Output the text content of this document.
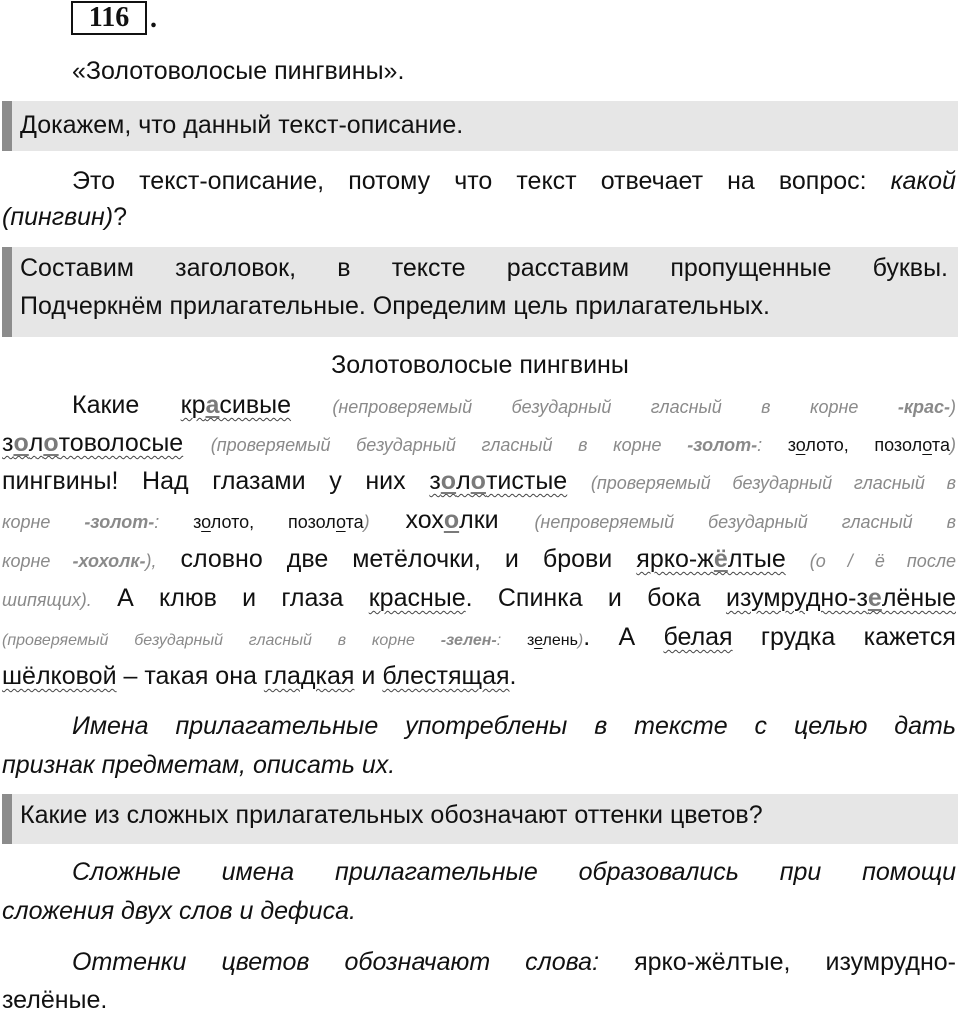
116 .
«Золотоволосые пингвины».
Докажем, что данный текст-описание.
Это текст-описание, потому что текст отвечает на вопрос: какой
(пингвин)?
Составим заголовок, в тексте расставим пропущенные буквы.
Подчеркнём прилагательные. Определим цель прилагательных.
Золотоволосые пингвины
Какие красивые (непроверяемый безударный гласный в корне -крас-)
золотоволосые (проверяемый безударный гласный в корне -золот-: золото, позолота)
пингвины! Над глазами у них золотистые (проверяемый безударный гласный в
корне -золот-: золото, позолота) хохолки (непроверяемый безударный гласный в
корне -хохолк-), словно две метёлочки, и брови ярко-жёлтые (о / ё после
шипящих). А клюв и глаза красные. Спинка и бока изумрудно-зелёные
(проверяемый безударный гласный в корне -зелен-: зелень). А белая грудка кажется
шёлковой – такая она гладкая и блестящая.
Имена прилагательные употреблены в тексте с целью дать
признак предметам, описать их.
Какие из сложных прилагательных обозначают оттенки цветов?
Сложные имена прилагательные образовались при помощи
сложения двух слов и дефиса.
Оттенки цветов обозначают слова: ярко-жёлтые, изумрудно-
зелёные.
